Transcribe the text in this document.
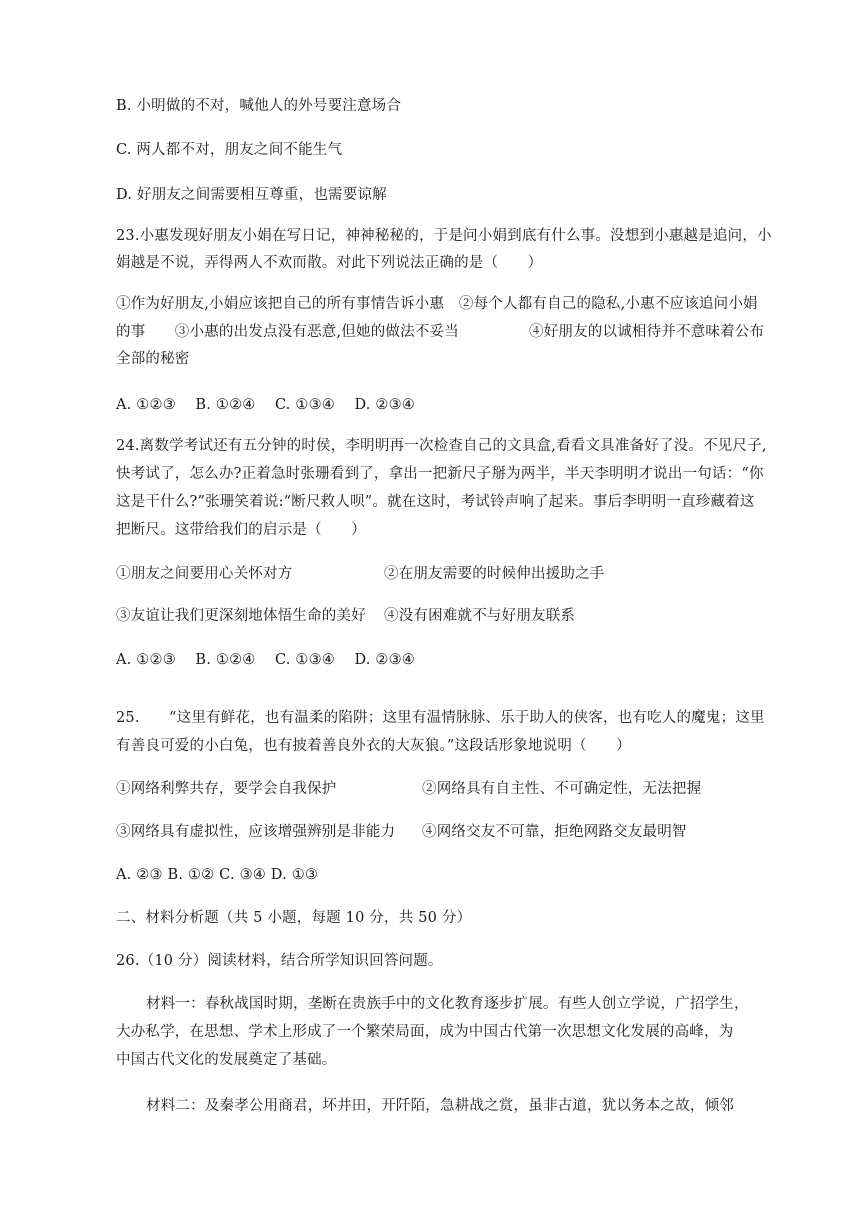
B. 小明做的不对，喊他人的外号要注意场合
C. 两人都不对，朋友之间不能生气
D. 好朋友之间需要相互尊重，也需要谅解
23.小惠发现好朋友小娟在写日记，神神秘秘的，于是问小娟到底有什么事。没想到小惠越是追问，小
娟越是不说，弄得两人不欢而散。对此下列说法正确的是（　　）
①作为好朋友,小娟应该把自己的所有事情告诉小惠　②每个人都有自己的隐私,小惠不应该追问小娟
的事　　③小惠的出发点没有恶意,但她的做法不妥当	④好朋友的以诚相待并不意味着公布
全部的秘密
A. ①②③　 B. ①②④　 C. ①③④　 D. ②③④
24.离数学考试还有五分钟的时侯，李明明再一次检查自己的文具盒,看看文具准备好了没。不见尺子,
快考试了，怎么办?正着急时张珊看到了，拿出一把新尺子掰为两半，半天李明明才说出一句话：“你
这是干什么?”张珊笑着说:“断尺救人呗”。就在这时，考试铃声响了起来。事后李明明一直珍藏着这
把断尺。这带给我们的启示是（　　）
①朋友之间要用心关怀对方	②在朋友需要的时候伸出援助之手
③友谊让我们更深刻地体悟生命的美好 ④没有困难就不与好朋友联系
A. ①②③　 B. ①②④　 C. ①③④　 D. ②③④
25.　　“这里有鲜花，也有温柔的陷阱；这里有温情脉脉、乐于助人的侠客，也有吃人的魔鬼；这里
有善良可爱的小白兔，也有披着善良外衣的大灰狼。”这段话形象地说明（　　）
①网络利弊共存，要学会自我保护	②网络具有自主性、不可确定性，无法把握
③网络具有虚拟性，应该增强辨别是非能力 ④网络交友不可靠，拒绝网路交友最明智
A. ②③ B. ①② C. ③④ D. ①③
二、材料分析题（共 5 小题，每题 10 分，共 50 分）
26.（10 分）阅读材料，结合所学知识回答问题。
材料一：春秋战国时期，垄断在贵族手中的文化教育逐步扩展。有些人创立学说，广招学生，
大办私学，在思想、学术上形成了一个繁荣局面，成为中国古代第一次思想文化发展的高峰，为
中国古代文化的发展奠定了基础。
材料二：及秦孝公用商君，坏井田，开阡陌，急耕战之赏，虽非古道，犹以务本之故，倾邻
